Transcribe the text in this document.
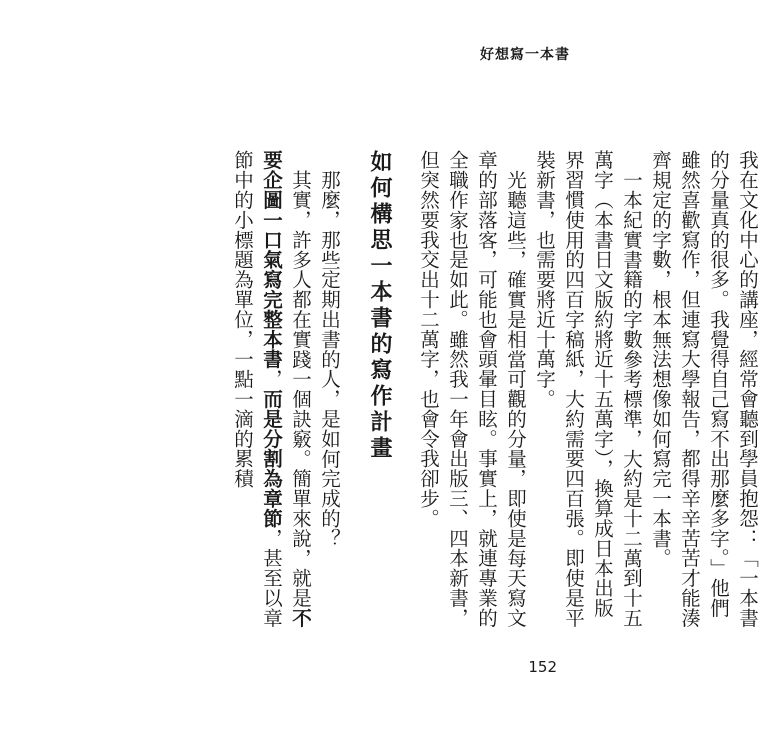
好想寫一本書

我在文化中心的講座，經常會聽到學員抱怨：「一本書的分量真的很多。我覺得自己寫不出那麼多字。」他們雖然喜歡寫作，但連寫大學報告，都得辛辛苦苦才能湊齊規定的字數，根本無法想像如何寫完一本書。

一本紀實書籍的字數參考標準，大約是十二萬到十五萬字（本書日文版約將近十五萬字），換算成日本出版界習慣使用的四百字稿紙，大約需要四百張。即使是平裝新書，也需要將近十萬字。

光聽這些，確實是相當可觀的分量，即使是每天寫文章的部落客，可能也會頭暈目眩。事實上，就連專業的全職作家也是如此。雖然我一年會出版三、四本新書，但突然要我交出十二萬字，也會令我卻步。

如何構思一本書的寫作計畫

那麼，那些定期出書的人，是如何完成的？

其實，許多人都在實踐一個訣竅。簡單來說，就是不要企圖一口氣寫完整本書，而是分割為章節，甚至以章節中的小標題為單位，一點一滴的累積

152
